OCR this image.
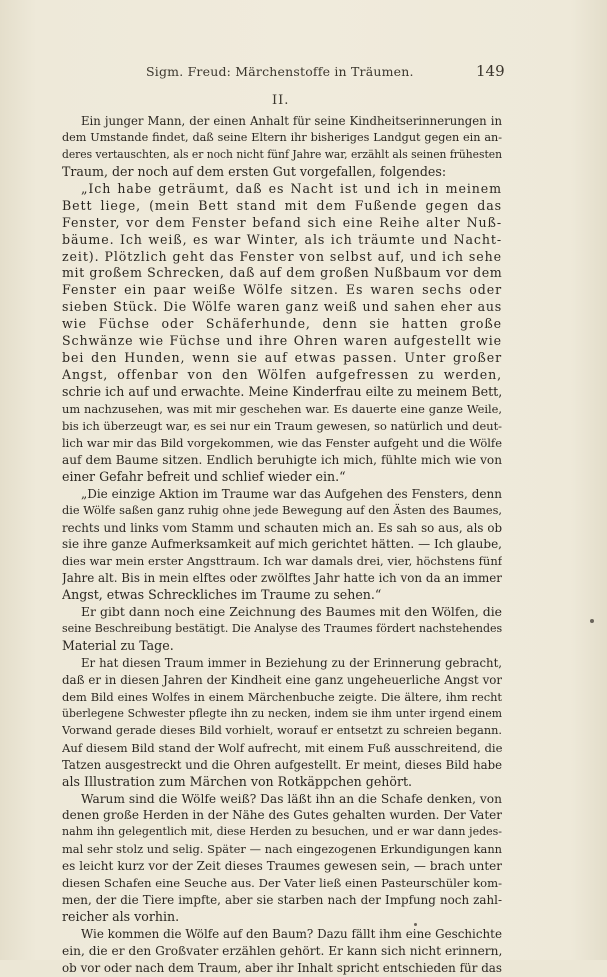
Sigm. Freud: Märchenstoffe in Träumen.	149
II.
Ein junger Mann, der einen Anhalt für seine Kindheitserinnerungen in
dem Umstande findet, daß seine Eltern ihr bisheriges Landgut gegen ein an-
deres vertauschten, als er noch nicht fünf Jahre war, erzählt als seinen frühesten
Traum, der noch auf dem ersten Gut vorgefallen, folgendes:
„Ich habe geträumt, daß es Nacht ist und ich in meinem
Bett liege, (mein Bett stand mit dem Fußende gegen das
Fenster, vor dem Fenster befand sich eine Reihe alter Nuß-
bäume. Ich weiß, es war Winter, als ich träumte und Nacht-
zeit). Plötzlich geht das Fenster von selbst auf, und ich sehe
mit großem Schrecken, daß auf dem großen Nußbaum vor dem
Fenster ein paar weiße Wölfe sitzen. Es waren sechs oder
sieben Stück. Die Wölfe waren ganz weiß und sahen eher aus
wie Füchse oder Schäferhunde, denn sie hatten große
Schwänze wie Füchse und ihre Ohren waren aufgestellt wie
bei den Hunden, wenn sie auf etwas passen. Unter großer
Angst, offenbar von den Wölfen aufgefressen zu werden,
schrie ich auf und erwachte. Meine Kinderfrau eilte zu meinem Bett,
um nachzusehen, was mit mir geschehen war. Es dauerte eine ganze Weile,
bis ich überzeugt war, es sei nur ein Traum gewesen, so natürlich und deut-
lich war mir das Bild vorgekommen, wie das Fenster aufgeht und die Wölfe
auf dem Baume sitzen. Endlich beruhigte ich mich, fühlte mich wie von
einer Gefahr befreit und schlief wieder ein.“
„Die einzige Aktion im Traume war das Aufgehen des Fensters, denn
die Wölfe saßen ganz ruhig ohne jede Bewegung auf den Ästen des Baumes,
rechts und links vom Stamm und schauten mich an. Es sah so aus, als ob
sie ihre ganze Aufmerksamkeit auf mich gerichtet hätten. — Ich glaube,
dies war mein erster Angsttraum. Ich war damals drei, vier, höchstens fünf
Jahre alt. Bis in mein elftes oder zwölftes Jahr hatte ich von da an immer
Angst, etwas Schreckliches im Traume zu sehen.“
Er gibt dann noch eine Zeichnung des Baumes mit den Wölfen, die
seine Beschreibung bestätigt. Die Analyse des Traumes fördert nachstehendes
Material zu Tage.
Er hat diesen Traum immer in Beziehung zu der Erinnerung gebracht,
daß er in diesen Jahren der Kindheit eine ganz ungeheuerliche Angst vor
dem Bild eines Wolfes in einem Märchenbuche zeigte. Die ältere, ihm recht
überlegene Schwester pflegte ihn zu necken, indem sie ihm unter irgend einem
Vorwand gerade dieses Bild vorhielt, worauf er entsetzt zu schreien begann.
Auf diesem Bild stand der Wolf aufrecht, mit einem Fuß ausschreitend, die
Tatzen ausgestreckt und die Ohren aufgestellt. Er meint, dieses Bild habe
als Illustration zum Märchen von Rotkäppchen gehört.
Warum sind die Wölfe weiß? Das läßt ihn an die Schafe denken, von
denen große Herden in der Nähe des Gutes gehalten wurden. Der Vater
nahm ihn gelegentlich mit, diese Herden zu besuchen, und er war dann jedes-
mal sehr stolz und selig. Später — nach eingezogenen Erkundigungen kann
es leicht kurz vor der Zeit dieses Traumes gewesen sein, — brach unter
diesen Schafen eine Seuche aus. Der Vater ließ einen Pasteurschüler kom-
men, der die Tiere impfte, aber sie starben nach der Impfung noch zahl-
reicher als vorhin.
Wie kommen die Wölfe auf den Baum? Dazu fällt ihm eine Geschichte
ein, die er den Großvater erzählen gehört. Er kann sich nicht erinnern,
ob vor oder nach dem Traum, aber ihr Inhalt spricht entschieden für das
